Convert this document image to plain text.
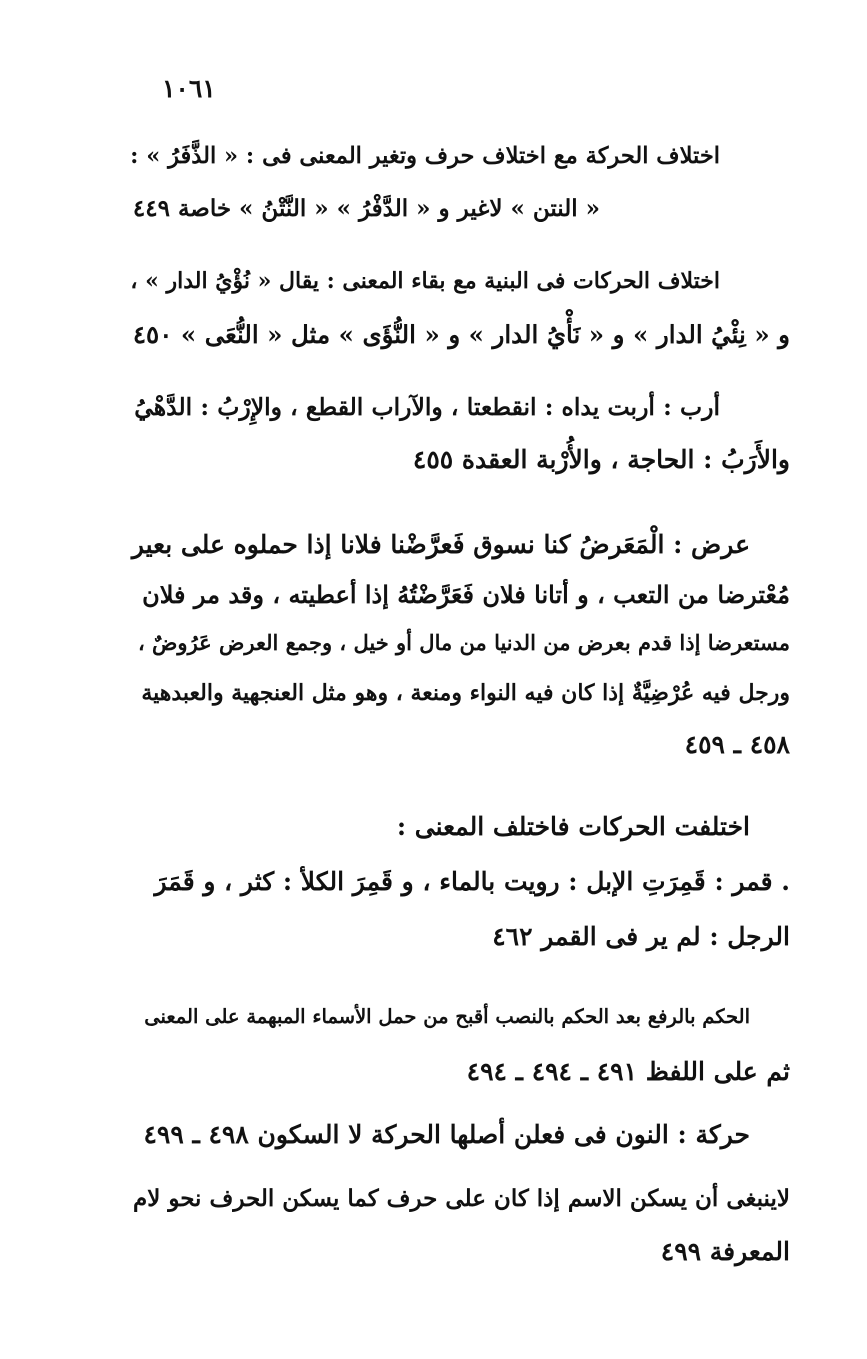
١٠٦١
اختلاف الحركة مع اختلاف حرف وتغير المعنى فى : « الذَّفَرُ » :
« النتن » لاغير و « الدَّفْرُ » « النَّتْنُ » خاصة ٤٤٩
اختلاف الحركات فى البنية مع بقاء المعنى : يقال « نُؤْيُ الدار » ،
و « نِئْيُ الدار » و « نَأْيُ الدار » و « النُّؤَى » مثل « النُّعَى » ٤٥٠
أرب : أربت يداه : انقطعتا ، والآراب القطع ، والإِرْبُ : الدَّهْيُ
والأَرَبُ : الحاجة ، والأُرْبة العقدة ٤٥٥
عرض : الْمَعَرضُ كنا نسوق فَعرَّضْنا فلانا إذا حملوه على بعير
مُعْترضا من التعب ، و أتانا فلان فَعَرَّضْتُهُ إذا أعطيته ، وقد مر فلان
مستعرضا إذا قدم بعرض من الدنيا من مال أو خيل ، وجمع العرض عَرُوضٌ ،
ورجل فيه عُرْضِيَّةٌ إذا كان فيه النواء ومنعة ، وهو مثل العنجهية والعبدهية
٤٥٨ ـ ٤٥٩
اختلفت الحركات فاختلف المعنى :
. قمر : قَمِرَتِ الإبل : رويت بالماء ، و قَمِرَ الكلأ : كثر ، و قَمَرَ
الرجل : لم ير فى القمر ٤٦٢
الحكم بالرفع بعد الحكم بالنصب أقبح من حمل الأسماء المبهمة على المعنى
ثم على اللفظ ٤٩١ ـ ٤٩٤ ـ ٤٩٤
حركة : النون فى فعلن أصلها الحركة لا السكون ٤٩٨ ـ ٤٩٩
لاينبغى أن يسكن الاسم إذا كان على حرف كما يسكن الحرف نحو لام
المعرفة ٤٩٩
